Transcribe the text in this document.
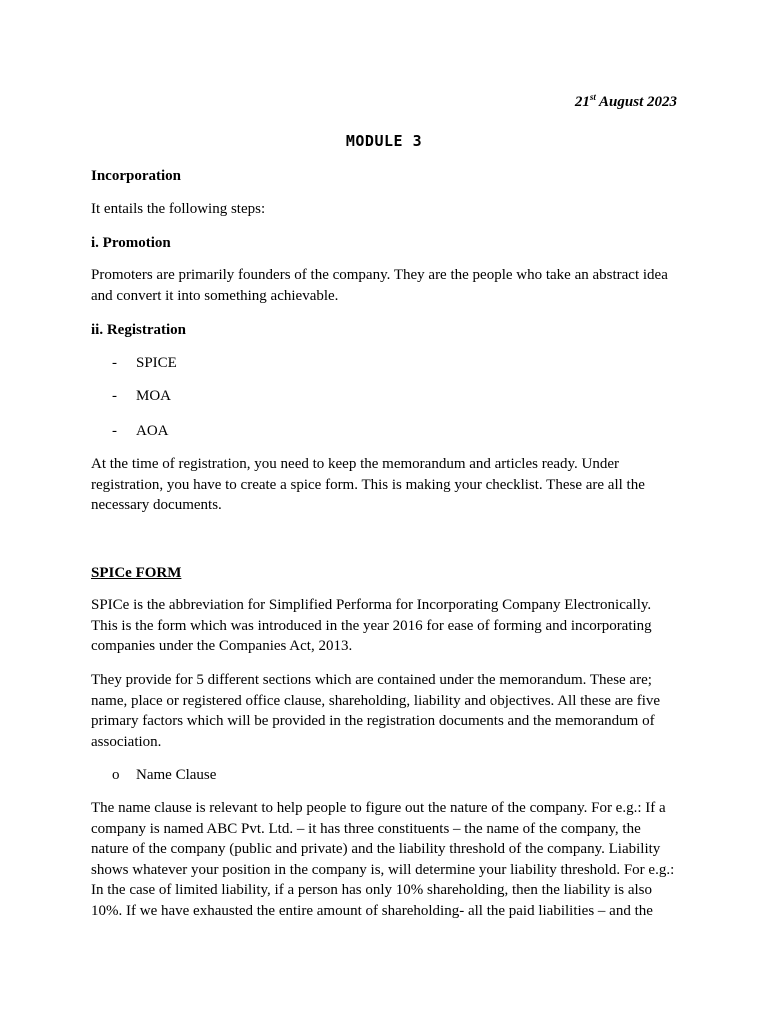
21st August 2023
MODULE 3
Incorporation
It entails the following steps:
i. Promotion
Promoters are primarily founders of the company. They are the people who take an abstract idea
and convert it into something achievable.
ii. Registration
- SPICE
- MOA
- AOA
At the time of registration, you need to keep the memorandum and articles ready. Under
registration, you have to create a spice form. This is making your checklist. These are all the
necessary documents.
SPICe FORM
SPICe is the abbreviation for Simplified Performa for Incorporating Company Electronically.
This is the form which was introduced in the year 2016 for ease of forming and incorporating
companies under the Companies Act, 2013.
They provide for 5 different sections which are contained under the memorandum. These are;
name, place or registered office clause, shareholding, liability and objectives. All these are five
primary factors which will be provided in the registration documents and the memorandum of
association.
o Name Clause
The name clause is relevant to help people to figure out the nature of the company. For e.g.: If a
company is named ABC Pvt. Ltd. – it has three constituents – the name of the company, the
nature of the company (public and private) and the liability threshold of the company. Liability
shows whatever your position in the company is, will determine your liability threshold. For e.g.:
In the case of limited liability, if a person has only 10% shareholding, then the liability is also
10%. If we have exhausted the entire amount of shareholding- all the paid liabilities – and the
